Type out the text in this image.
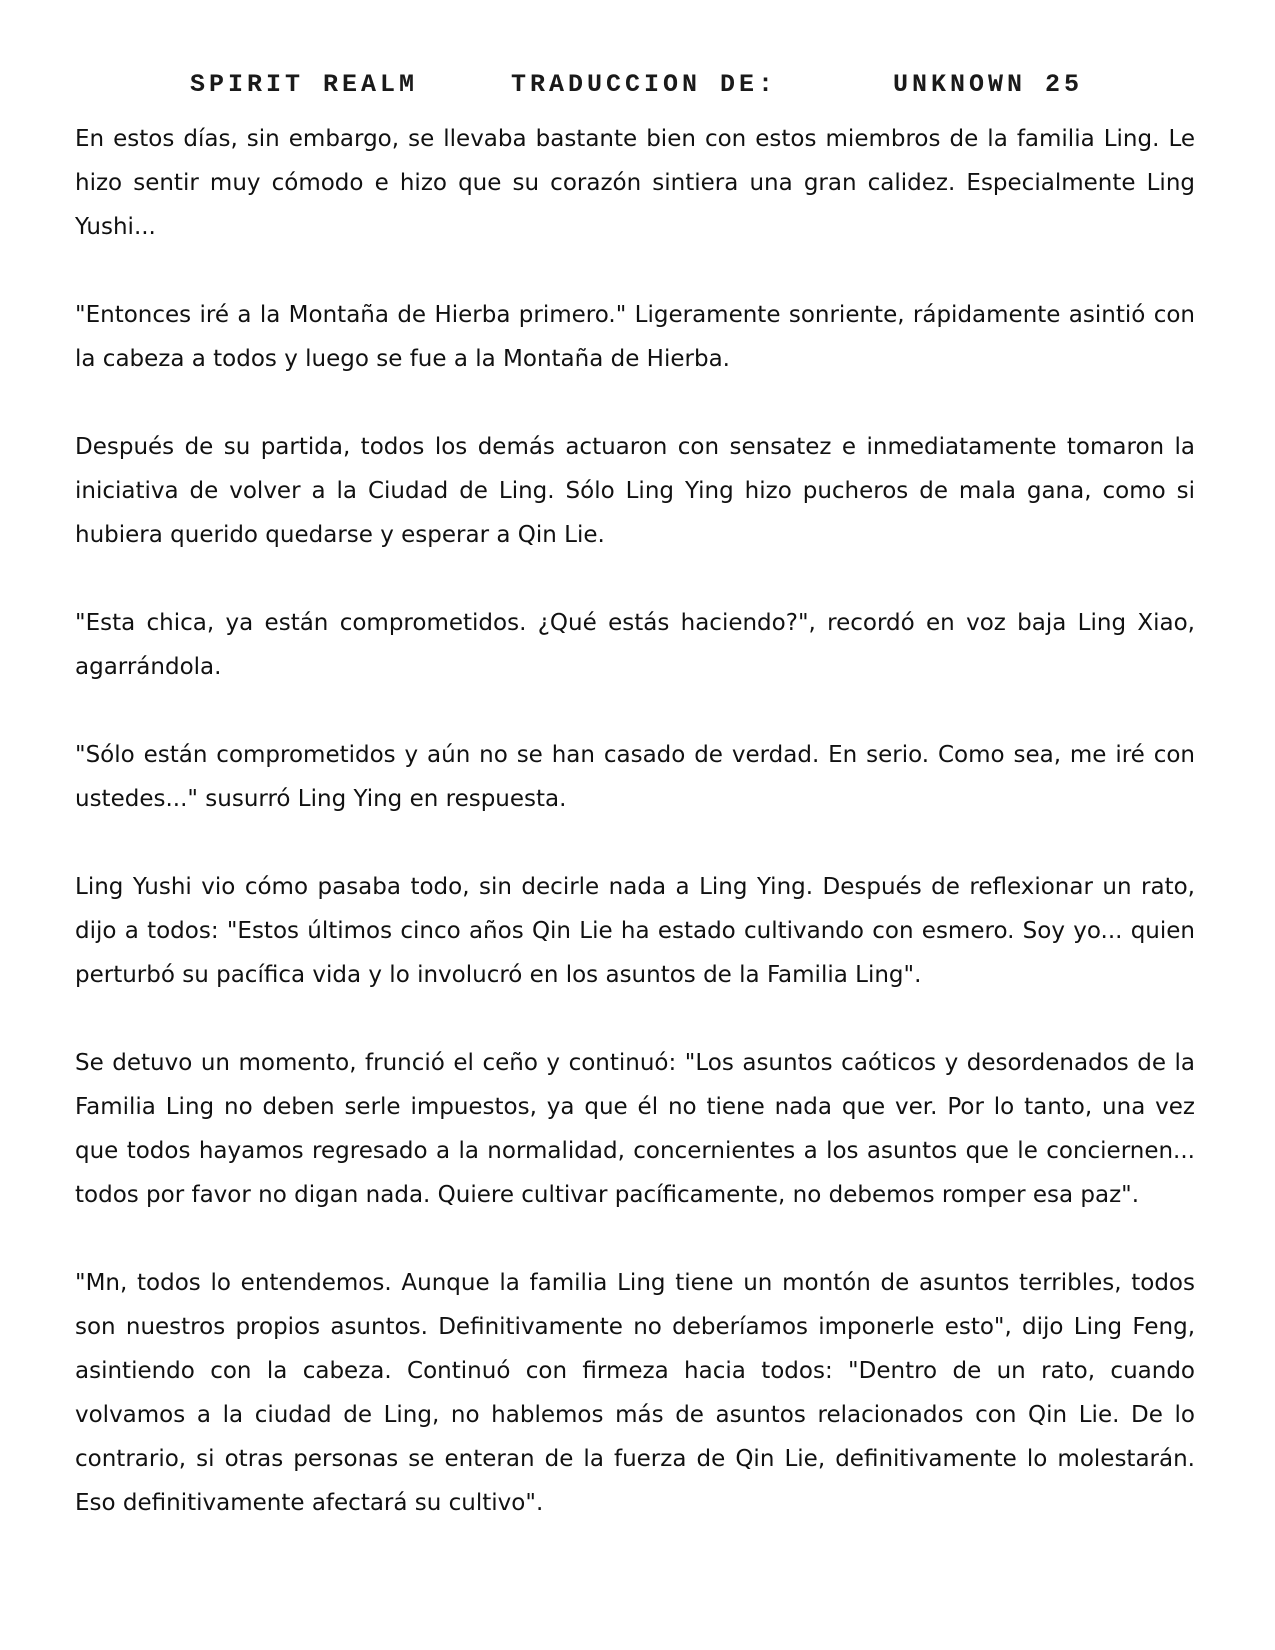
SPIRIT REALM	TRADUCCION DE:	UNKNOWN 25

En estos días, sin embargo, se llevaba bastante bien con estos miembros de la familia Ling. Le hizo sentir muy cómodo e hizo que su corazón sintiera una gran calidez. Especialmente Ling Yushi...

"Entonces iré a la Montaña de Hierba primero." Ligeramente sonriente, rápidamente asintió con la cabeza a todos y luego se fue a la Montaña de Hierba.

Después de su partida, todos los demás actuaron con sensatez e inmediatamente tomaron la iniciativa de volver a la Ciudad de Ling. Sólo Ling Ying hizo pucheros de mala gana, como si hubiera querido quedarse y esperar a Qin Lie.

"Esta chica, ya están comprometidos. ¿Qué estás haciendo?", recordó en voz baja Ling Xiao, agarrándola.

"Sólo están comprometidos y aún no se han casado de verdad. En serio. Como sea, me iré con ustedes..." susurró Ling Ying en respuesta.

Ling Yushi vio cómo pasaba todo, sin decirle nada a Ling Ying. Después de reflexionar un rato, dijo a todos: "Estos últimos cinco años Qin Lie ha estado cultivando con esmero. Soy yo... quien perturbó su pacífica vida y lo involucró en los asuntos de la Familia Ling".

Se detuvo un momento, frunció el ceño y continuó: "Los asuntos caóticos y desordenados de la Familia Ling no deben serle impuestos, ya que él no tiene nada que ver. Por lo tanto, una vez que todos hayamos regresado a la normalidad, concernientes a los asuntos que le conciernen... todos por favor no digan nada. Quiere cultivar pacíficamente, no debemos romper esa paz".

"Mn, todos lo entendemos. Aunque la familia Ling tiene un montón de asuntos terribles, todos son nuestros propios asuntos. Definitivamente no deberíamos imponerle esto", dijo Ling Feng, asintiendo con la cabeza. Continuó con firmeza hacia todos: "Dentro de un rato, cuando volvamos a la ciudad de Ling, no hablemos más de asuntos relacionados con Qin Lie. De lo contrario, si otras personas se enteran de la fuerza de Qin Lie, definitivamente lo molestarán. Eso definitivamente afectará su cultivo".
